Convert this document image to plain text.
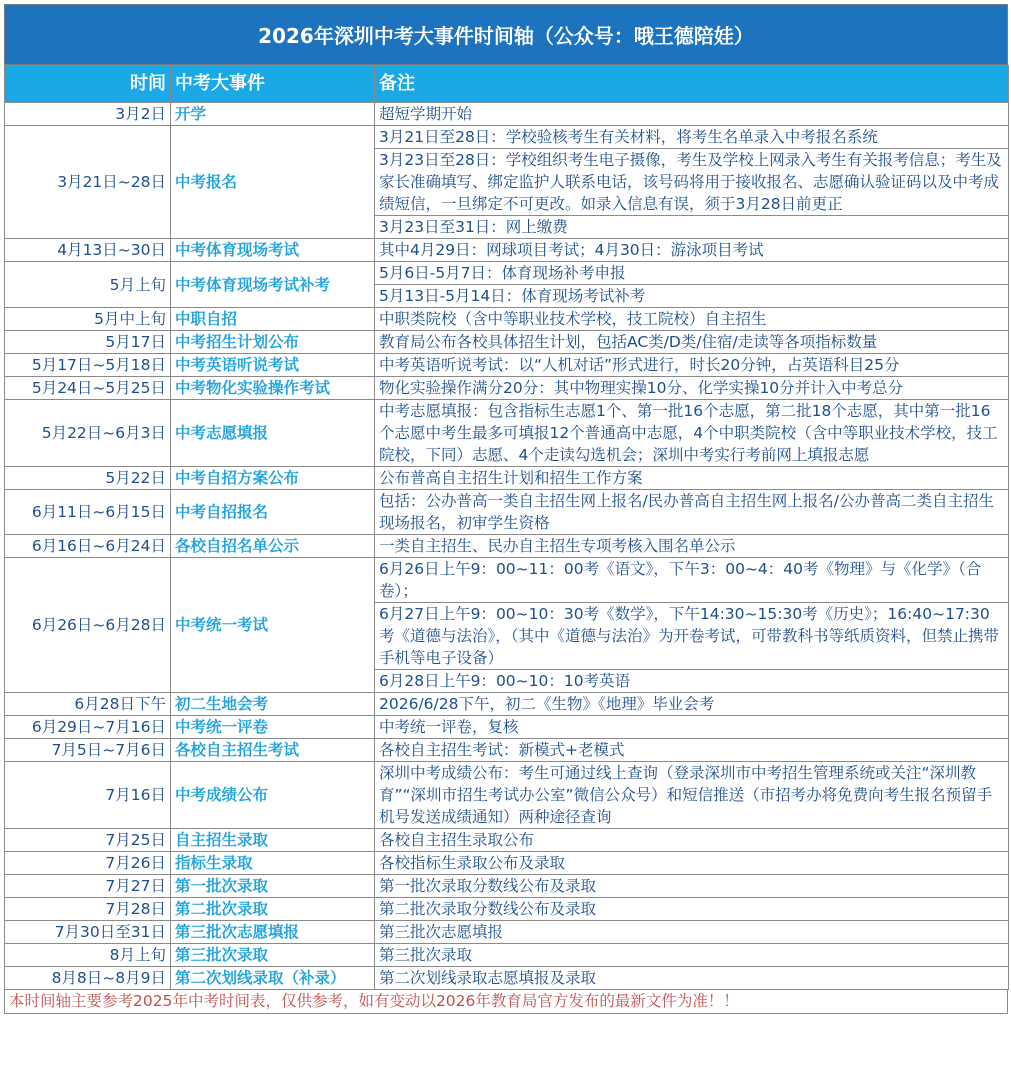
2026年深圳中考大事件时间轴（公众号：哦王德陪娃）
时间	中考大事件	备注
3月2日	开学	超短学期开始
3月21日~28日	中考报名	3月21日至28日：学校验核考生有关材料，将考生名单录入中考报名系统
		3月23日至28日：学校组织考生电子摄像，考生及学校上网录入考生有关报考信息；考生及家长准确填写、绑定监护人联系电话，该号码将用于接收报名、志愿确认验证码以及中考成绩短信，一旦绑定不可更改。如录入信息有误，须于3月28日前更正
		3月23日至31日：网上缴费
4月13日~30日	中考体育现场考试	其中4月29日：网球项目考试；4月30日：游泳项目考试
5月上旬	中考体育现场考试补考	5月6日-5月7日：体育现场补考申报
		5月13日-5月14日：体育现场考试补考
5月中上旬	中职自招	中职类院校（含中等职业技术学校，技工院校）自主招生
5月17日	中考招生计划公布	教育局公布各校具体招生计划，包括AC类/D类/住宿/走读等各项指标数量
5月17日~5月18日	中考英语听说考试	中考英语听说考试：以“人机对话”形式进行，时长20分钟，占英语科目25分
5月24日~5月25日	中考物化实验操作考试	物化实验操作满分20分：其中物理实操10分、化学实操10分并计入中考总分
5月22日~6月3日	中考志愿填报	中考志愿填报：包含指标生志愿1个、第一批16个志愿，第二批18个志愿，其中第一批16个志愿中考生最多可填报12个普通高中志愿，4个中职类院校（含中等职业技术学校，技工院校，下同）志愿、4个走读勾选机会；深圳中考实行考前网上填报志愿
5月22日	中考自招方案公布	公布普高自主招生计划和招生工作方案
6月11日~6月15日	中考自招报名	包括：公办普高一类自主招生网上报名/民办普高自主招生网上报名/公办普高二类自主招生现场报名，初审学生资格
6月16日~6月24日	各校自招名单公示	一类自主招生、民办自主招生专项考核入围名单公示
6月26日~6月28日	中考统一考试	6月26日上午9：00~11：00考《语文》，下午3：00~4：40考《物理》与《化学》（合卷）；
		6月27日上午9：00~10：30考《数学》，下午14:30~15:30考《历史》；16:40~17:30考《道德与法治》，（其中《道德与法治》为开卷考试，可带教科书等纸质资料，但禁止携带手机等电子设备）
		6月28日上午9：00~10：10考英语
6月28日下午	初二生地会考	2026/6/28下午，初二《生物》《地理》毕业会考
6月29日~7月16日	中考统一评卷	中考统一评卷，复核
7月5日~7月6日	各校自主招生考试	各校自主招生考试：新模式+老模式
7月16日	中考成绩公布	深圳中考成绩公布：考生可通过线上查询（登录深圳市中考招生管理系统或关注“深圳教育”“深圳市招生考试办公室”微信公众号）和短信推送（市招考办将免费向考生报名预留手机号发送成绩通知）两种途径查询
7月25日	自主招生录取	各校自主招生录取公布
7月26日	指标生录取	各校指标生录取公布及录取
7月27日	第一批次录取	第一批次录取分数线公布及录取
7月28日	第二批次录取	第二批次录取分数线公布及录取
7月30日至31日	第三批次志愿填报	第三批次志愿填报
8月上旬	第三批次录取	第三批次录取
8月8日~8月9日	第二次划线录取（补录）	第二次划线录取志愿填报及录取
本时间轴主要参考2025年中考时间表，仅供参考，如有变动以2026年教育局官方发布的最新文件为准！！
